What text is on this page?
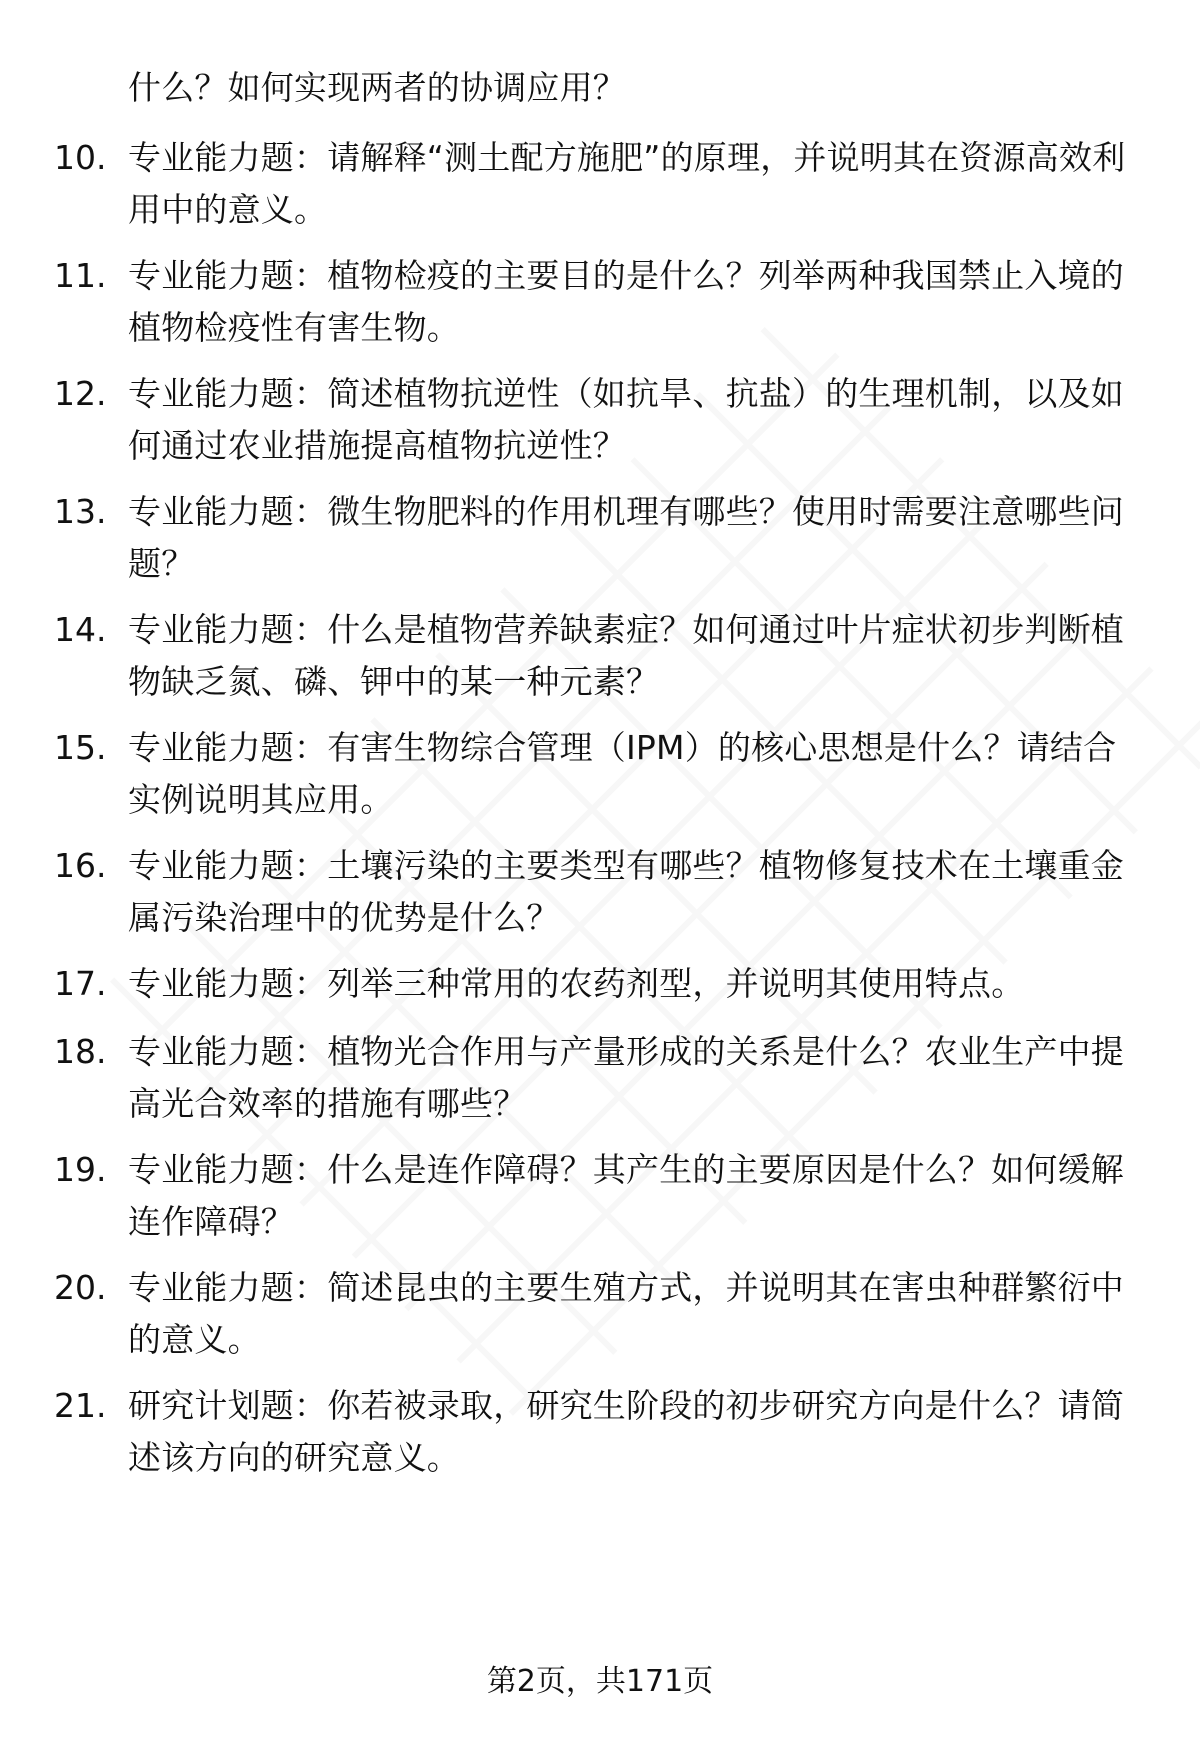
什么？如何实现两者的协调应用？
10. 专业能力题：请解释“测土配方施肥”的原理，并说明其在资源高效利用中的意义。
11. 专业能力题：植物检疫的主要目的是什么？列举两种我国禁止入境的植物检疫性有害生物。
12. 专业能力题：简述植物抗逆性（如抗旱、抗盐）的生理机制，以及如何通过农业措施提高植物抗逆性？
13. 专业能力题：微生物肥料的作用机理有哪些？使用时需要注意哪些问题？
14. 专业能力题：什么是植物营养缺素症？如何通过叶片症状初步判断植物缺乏氮、磷、钾中的某一种元素？
15. 专业能力题：有害生物综合管理（IPM）的核心思想是什么？请结合实例说明其应用。
16. 专业能力题：土壤污染的主要类型有哪些？植物修复技术在土壤重金属污染治理中的优势是什么？
17. 专业能力题：列举三种常用的农药剂型，并说明其使用特点。
18. 专业能力题：植物光合作用与产量形成的关系是什么？农业生产中提高光合效率的措施有哪些？
19. 专业能力题：什么是连作障碍？其产生的主要原因是什么？如何缓解连作障碍？
20. 专业能力题：简述昆虫的主要生殖方式，并说明其在害虫种群繁衍中的意义。
21. 研究计划题：你若被录取，研究生阶段的初步研究方向是什么？请简述该方向的研究意义。
第2页，共171页
